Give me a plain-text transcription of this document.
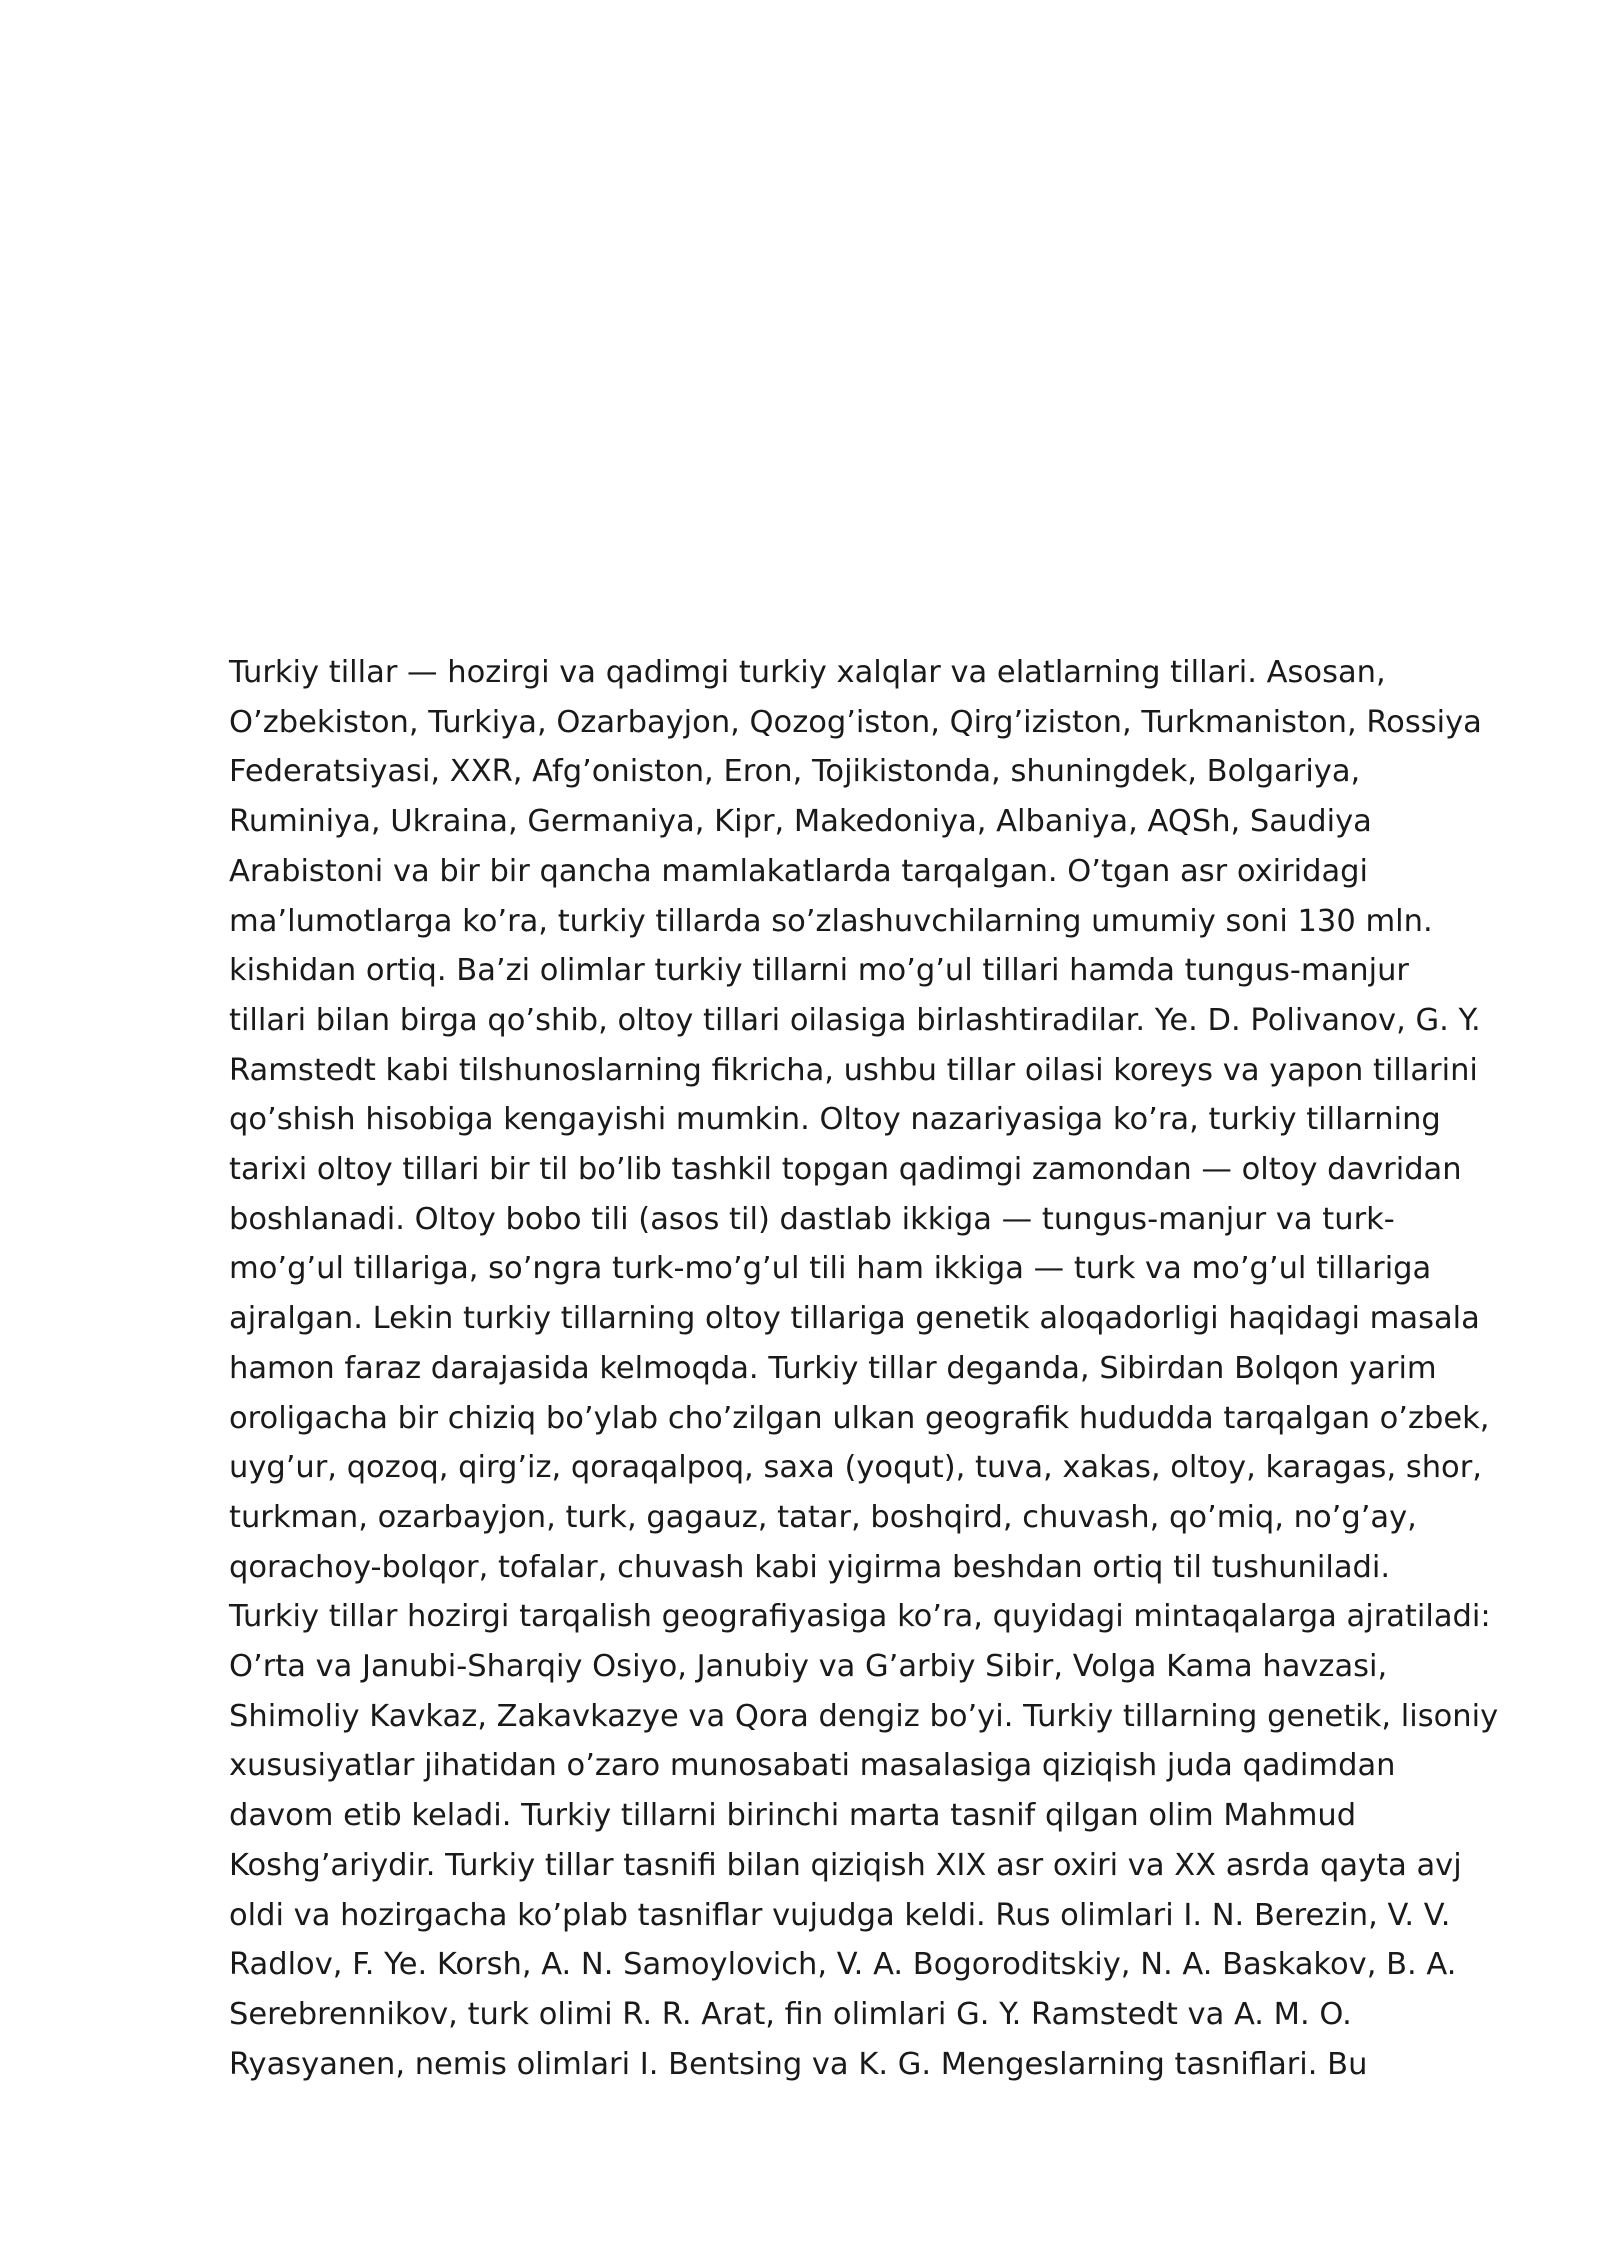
Turkiy tillar — hozirgi va qadimgi turkiy xalqlar va elatlarning tillari. Asosan,
O’zbekiston, Turkiya, Ozarbayjon, Qozog’iston, Qirg’iziston, Turkmaniston, Rossiya
Federatsiyasi, XXR, Afg’oniston, Eron, Tojikistonda, shuningdek, Bolgariya,
Ruminiya, Ukraina, Germaniya, Kipr, Makedoniya, Albaniya, AQSh, Saudiya
Arabistoni va bir bir qancha mamlakatlarda tarqalgan. O’tgan asr oxiridagi
ma’lumotlarga ko’ra, turkiy tillarda so’zlashuvchilarning umumiy soni 130 mln.
kishidan ortiq. Ba’zi olimlar turkiy tillarni mo’g’ul tillari hamda tungus-manjur
tillari bilan birga qo’shib, oltoy tillari oilasiga birlashtiradilar. Ye. D. Polivanov, G. Y.
Ramstedt kabi tilshunoslarning fikricha, ushbu tillar oilasi koreys va yapon tillarini
qo’shish hisobiga kengayishi mumkin. Oltoy nazariyasiga ko’ra, turkiy tillarning
tarixi oltoy tillari bir til bo’lib tashkil topgan qadimgi zamondan — oltoy davridan
boshlanadi. Oltoy bobo tili (asos til) dastlab ikkiga — tungus-manjur va turk-
mo’g’ul tillariga, so’ngra turk-mo’g’ul tili ham ikkiga — turk va mo’g’ul tillariga
ajralgan. Lekin turkiy tillarning oltoy tillariga genetik aloqadorligi haqidagi masala
hamon faraz darajasida kelmoqda. Turkiy tillar deganda, Sibirdan Bolqon yarim
oroligacha bir chiziq bo’ylab cho’zilgan ulkan geografik hududda tarqalgan o’zbek,
uyg’ur, qozoq, qirg’iz, qoraqalpoq, saxa (yoqut), tuva, xakas, oltoy, karagas, shor,
turkman, ozarbayjon, turk, gagauz, tatar, boshqird, chuvash, qo’miq, no’g’ay,
qorachoy-bolqor, tofalar, chuvash kabi yigirma beshdan ortiq til tushuniladi.
Turkiy tillar hozirgi tarqalish geografiyasiga ko’ra, quyidagi mintaqalarga ajratiladi:
O’rta va Janubi-Sharqiy Osiyo, Janubiy va G’arbiy Sibir, Volga Kama havzasi,
Shimoliy Kavkaz, Zakavkazye va Qora dengiz bo’yi. Turkiy tillarning genetik, lisoniy
xususiyatlar jihatidan o’zaro munosabati masalasiga qiziqish juda qadimdan
davom etib keladi. Turkiy tillarni birinchi marta tasnif qilgan olim Mahmud
Koshg’ariydir. Turkiy tillar tasnifi bilan qiziqish XIX asr oxiri va XX asrda qayta avj
oldi va hozirgacha ko’plab tasniflar vujudga keldi. Rus olimlari I. N. Berezin, V. V.
Radlov, F. Ye. Korsh, A. N. Samoylovich, V. A. Bogoroditskiy, N. A. Baskakov, B. A.
Serebrennikov, turk olimi R. R. Arat, fin olimlari G. Y. Ramstedt va A. M. O.
Ryasyanen, nemis olimlari I. Bentsing va K. G. Mengeslarning tasniflari. Bu
